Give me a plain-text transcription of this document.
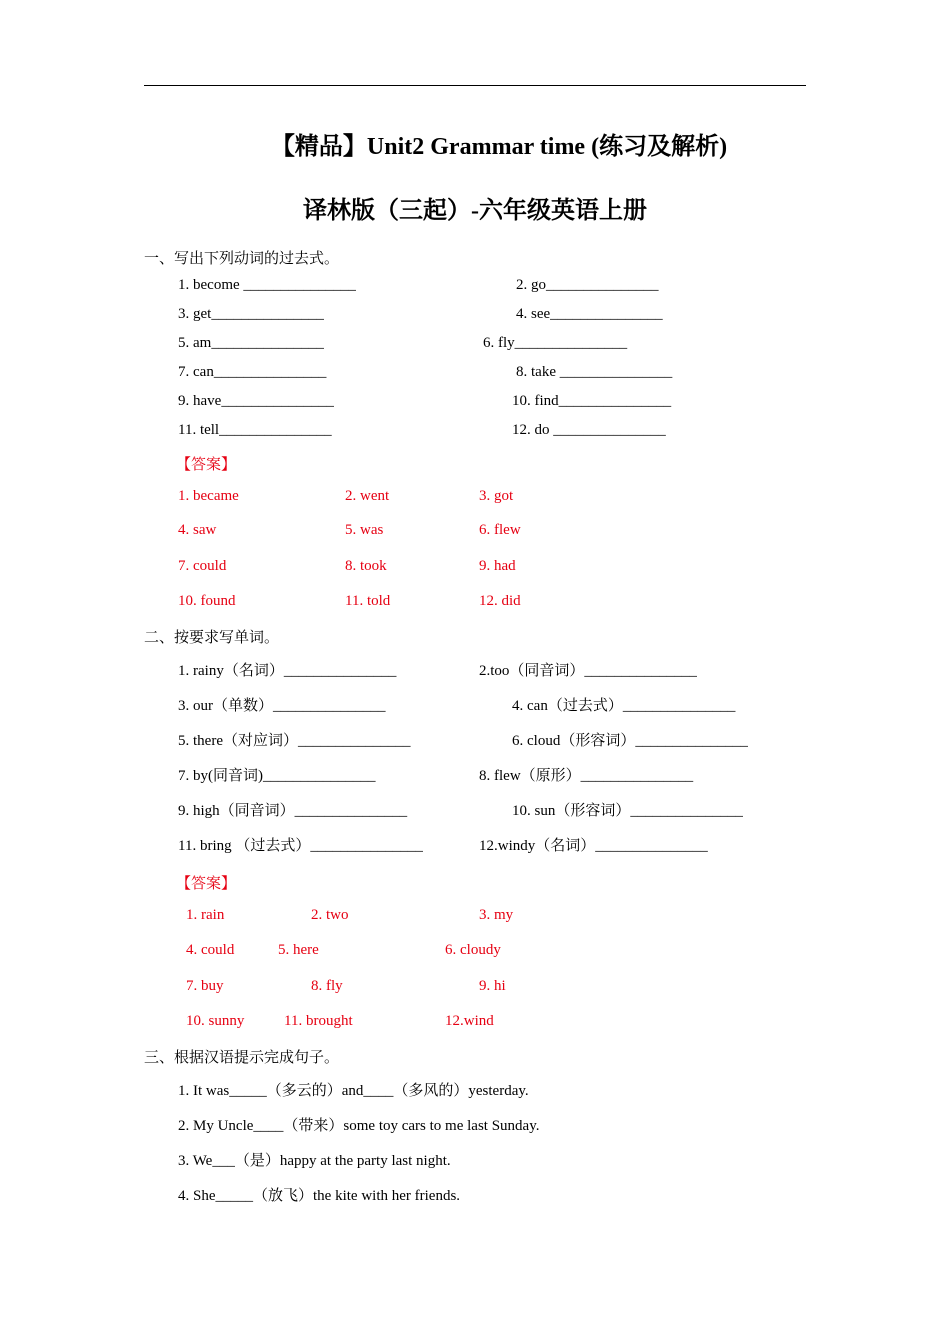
【精品】Unit2 Grammar time (练习及解析)
译林版（三起）-六年级英语上册
一、写出下列动词的过去式。
1. become _______________	2. go_______________
3. get_______________	4. see_______________
5. am_______________	6. fly_______________
7. can_______________	8. take _______________
9. have_______________	10. find_______________
11. tell_______________	12. do _______________
【答案】
1. became	2. went	3. got
4. saw	5. was	6. flew
7. could	8. took	9. had
10. found	11. told	12. did
二、按要求写单词。
1. rainy（名词）_______________	2.too（同音词）_______________
3. our（单数）_______________	4. can（过去式）_______________
5. there（对应词）_______________	6. cloud（形容词）_______________
7. by(同音词)_______________	8. flew（原形）_______________
9. high（同音词）_______________	10. sun（形容词）_______________
11. bring （过去式）_______________	12.windy（名词）_______________
【答案】
1. rain	2. two	3. my
4. could	5. here	6. cloudy
7. buy	8. fly	9. hi
10. sunny	11. brought	12.wind
三、根据汉语提示完成句子。
1. It was_____（多云的）and____（多风的）yesterday.
2. My Uncle____（带来）some toy cars to me last Sunday.
3. We___（是）happy at the party last night.
4. She_____（放飞）the kite with her friends.
